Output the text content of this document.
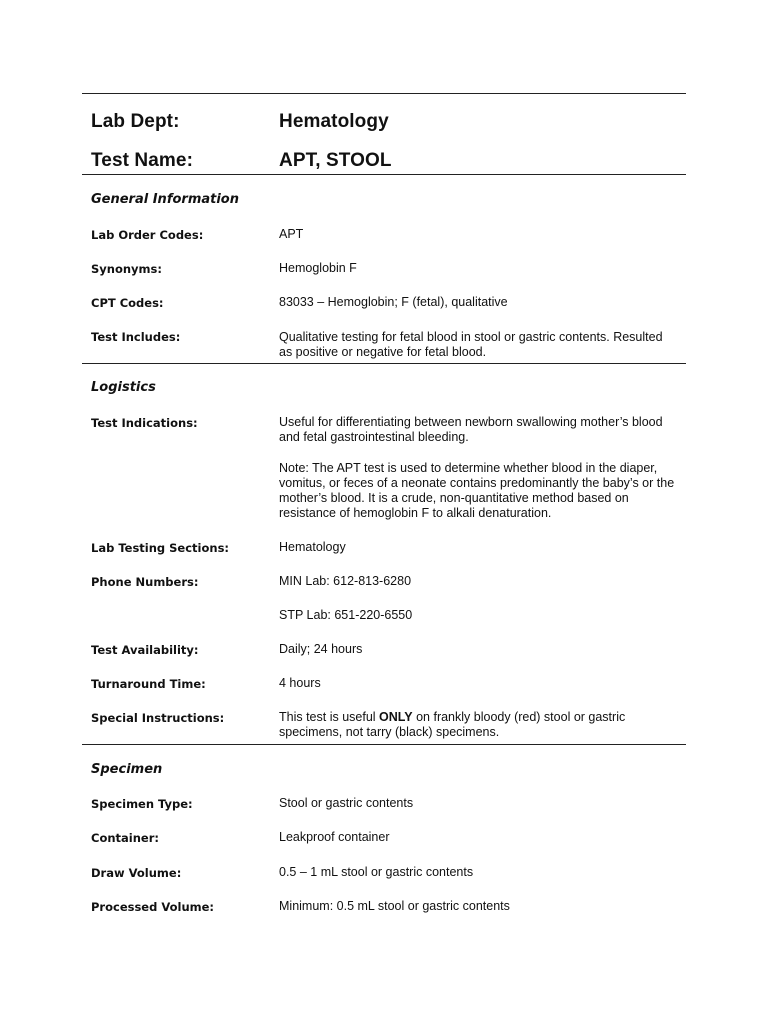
Lab Dept:	Hematology
Test Name:	APT, STOOL
General Information
Lab Order Codes:	APT
Synonyms:	Hemoglobin F
CPT Codes:	83033 – Hemoglobin; F (fetal), qualitative
Test Includes:	Qualitative testing for fetal blood in stool or gastric contents. Resulted as positive or negative for fetal blood.
Logistics
Test Indications:	Useful for differentiating between newborn swallowing mother’s blood and fetal gastrointestinal bleeding.
Note: The APT test is used to determine whether blood in the diaper, vomitus, or feces of a neonate contains predominantly the baby’s or the mother’s blood. It is a crude, non-quantitative method based on resistance of hemoglobin F to alkali denaturation.
Lab Testing Sections:	Hematology
Phone Numbers:	MIN Lab: 612-813-6280
STP Lab: 651-220-6550
Test Availability:	Daily; 24 hours
Turnaround Time:	4 hours
Special Instructions:	This test is useful ONLY on frankly bloody (red) stool or gastric specimens, not tarry (black) specimens.
Specimen
Specimen Type:	Stool or gastric contents
Container:	Leakproof container
Draw Volume:	0.5 – 1 mL stool or gastric contents
Processed Volume:	Minimum: 0.5 mL stool or gastric contents
